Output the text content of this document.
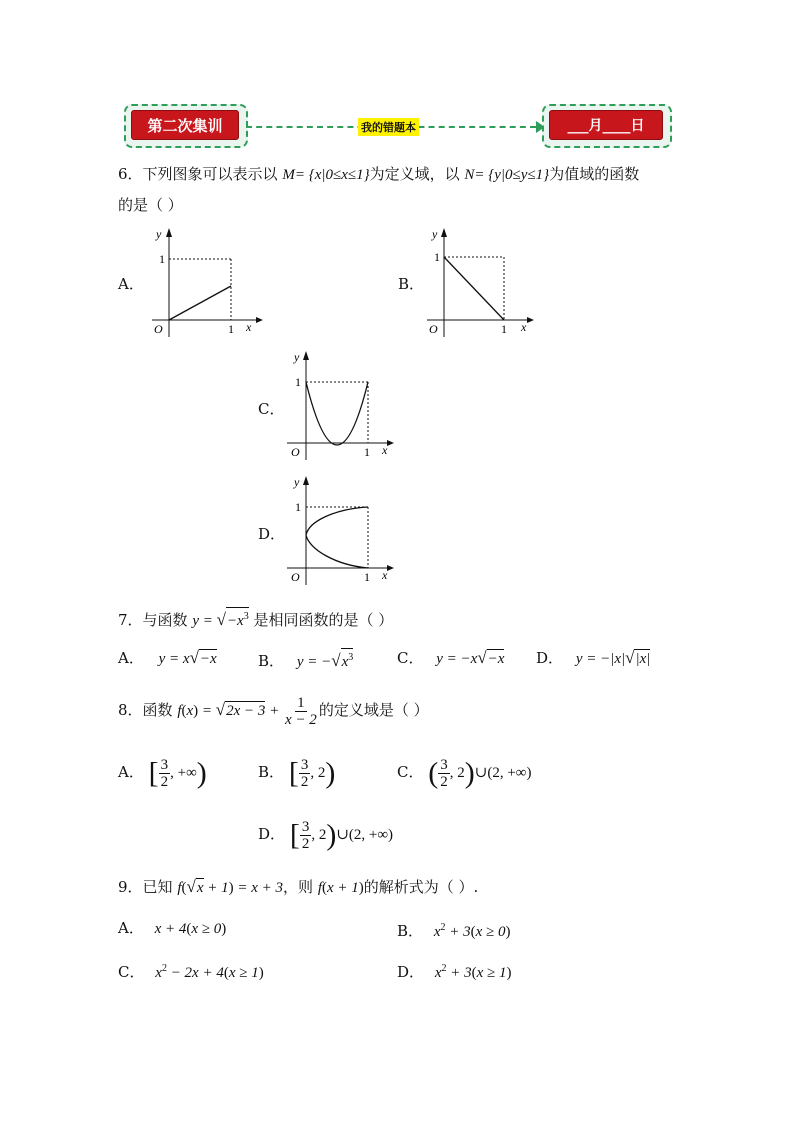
第二次集训	我的错题本	___月____日
6．下列图象可以表示以 M= {x|0≤x≤1}为定义域，以 N= {y|0≤y≤1}为值域的函数
的是（ ）
A．	B．
C．
D．
y
1
O	1 x
y
1
O	1 x
y
1
O	1 x
y
1
O	1 x
7．与函数 $y = √-x^3$ 是相同函数的是（ ）
A． y = x√−x	B． $y = -√x^3$	C． y = −x√−x D． y = −|x|√|x|
8．函数 $f(x) = √2x - 3 + \frac{1}{x - 2}$ 的定义域是（ ）
A． [ $\frac{3}{2}$ , +∞)	B． [ $\frac{3}{2}$ , 2)	C． ( $\frac{3}{2}$ , 2)∪(2, +∞)
D． [ $\frac{3}{2}$ , 2)∪(2, +∞)
9．已知 f(√x + 1) = x + 3，则 f(x + 1)的解析式为（ ）.
A． x + 4(x ≥ 0)	B． $x^2 + 3(x \ge 0)$
C． $x^2 - 2x + 4(x \ge 1)$	D． $x^2 + 3(x \ge 1)$
